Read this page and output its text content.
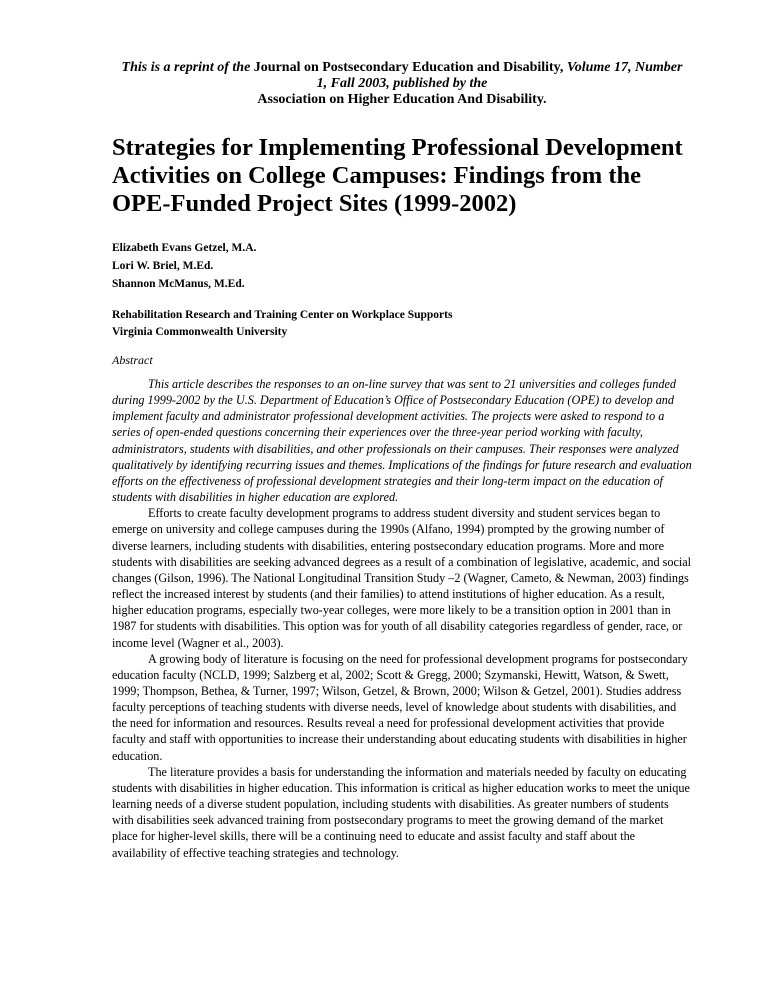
This is a reprint of the Journal on Postsecondary Education and Disability, Volume 17, Number 1, Fall 2003, published by the
Association on Higher Education And Disability.

Strategies for Implementing Professional Development Activities on College Campuses: Findings from the OPE-Funded Project Sites (1999-2002)
Elizabeth Evans Getzel, M.A.
Lori W. Briel, M.Ed.
Shannon McManus, M.Ed.
Rehabilitation Research and Training Center on Workplace Supports
Virginia Commonwealth University
Abstract

This article describes the responses to an on-line survey that was sent to 21 universities and colleges funded during 1999-2002 by the U.S. Department of Education’s Office of Postsecondary Education (OPE) to develop and implement faculty and administrator professional development activities. The projects were asked to respond to a series of open-ended questions concerning their experiences over the three-year period working with faculty, administrators, students with disabilities, and other professionals on their campuses. Their responses were analyzed qualitatively by identifying recurring issues and themes. Implications of the findings for future research and evaluation efforts on the effectiveness of professional development strategies and their long-term impact on the education of students with disabilities in higher education are explored.

Efforts to create faculty development programs to address student diversity and student services began to emerge on university and college campuses during the 1990s (Alfano, 1994) prompted by the growing number of diverse learners, including students with disabilities, entering postsecondary education programs. More and more students with disabilities are seeking advanced degrees as a result of a combination of legislative, academic, and social changes (Gilson, 1996). The National Longitudinal Transition Study –2 (Wagner, Cameto, & Newman, 2003) findings reflect the increased interest by students (and their families) to attend institutions of higher education. As a result, higher education programs, especially two-year colleges, were more likely to be a transition option in 2001 than in 1987 for students with disabilities. This option was for youth of all disability categories regardless of gender, race, or income level (Wagner et al., 2003).

A growing body of literature is focusing on the need for professional development programs for postsecondary education faculty (NCLD, 1999; Salzberg et al, 2002; Scott & Gregg, 2000; Szymanski, Hewitt, Watson, & Swett, 1999; Thompson, Bethea, & Turner, 1997; Wilson, Getzel, & Brown, 2000; Wilson & Getzel, 2001). Studies address faculty perceptions of teaching students with diverse needs, level of knowledge about students with disabilities, and the need for information and resources. Results reveal a need for professional development activities that provide faculty and staff with opportunities to increase their understanding about educating students with disabilities in higher education.

The literature provides a basis for understanding the information and materials needed by faculty on educating students with disabilities in higher education. This information is critical as higher education works to meet the unique learning needs of a diverse student population, including students with disabilities. As greater numbers of students with disabilities seek advanced training from postsecondary programs to meet the growing demand of the market place for higher-level skills, there will be a continuing need to educate and assist faculty and staff about the availability of effective teaching strategies and technology.
